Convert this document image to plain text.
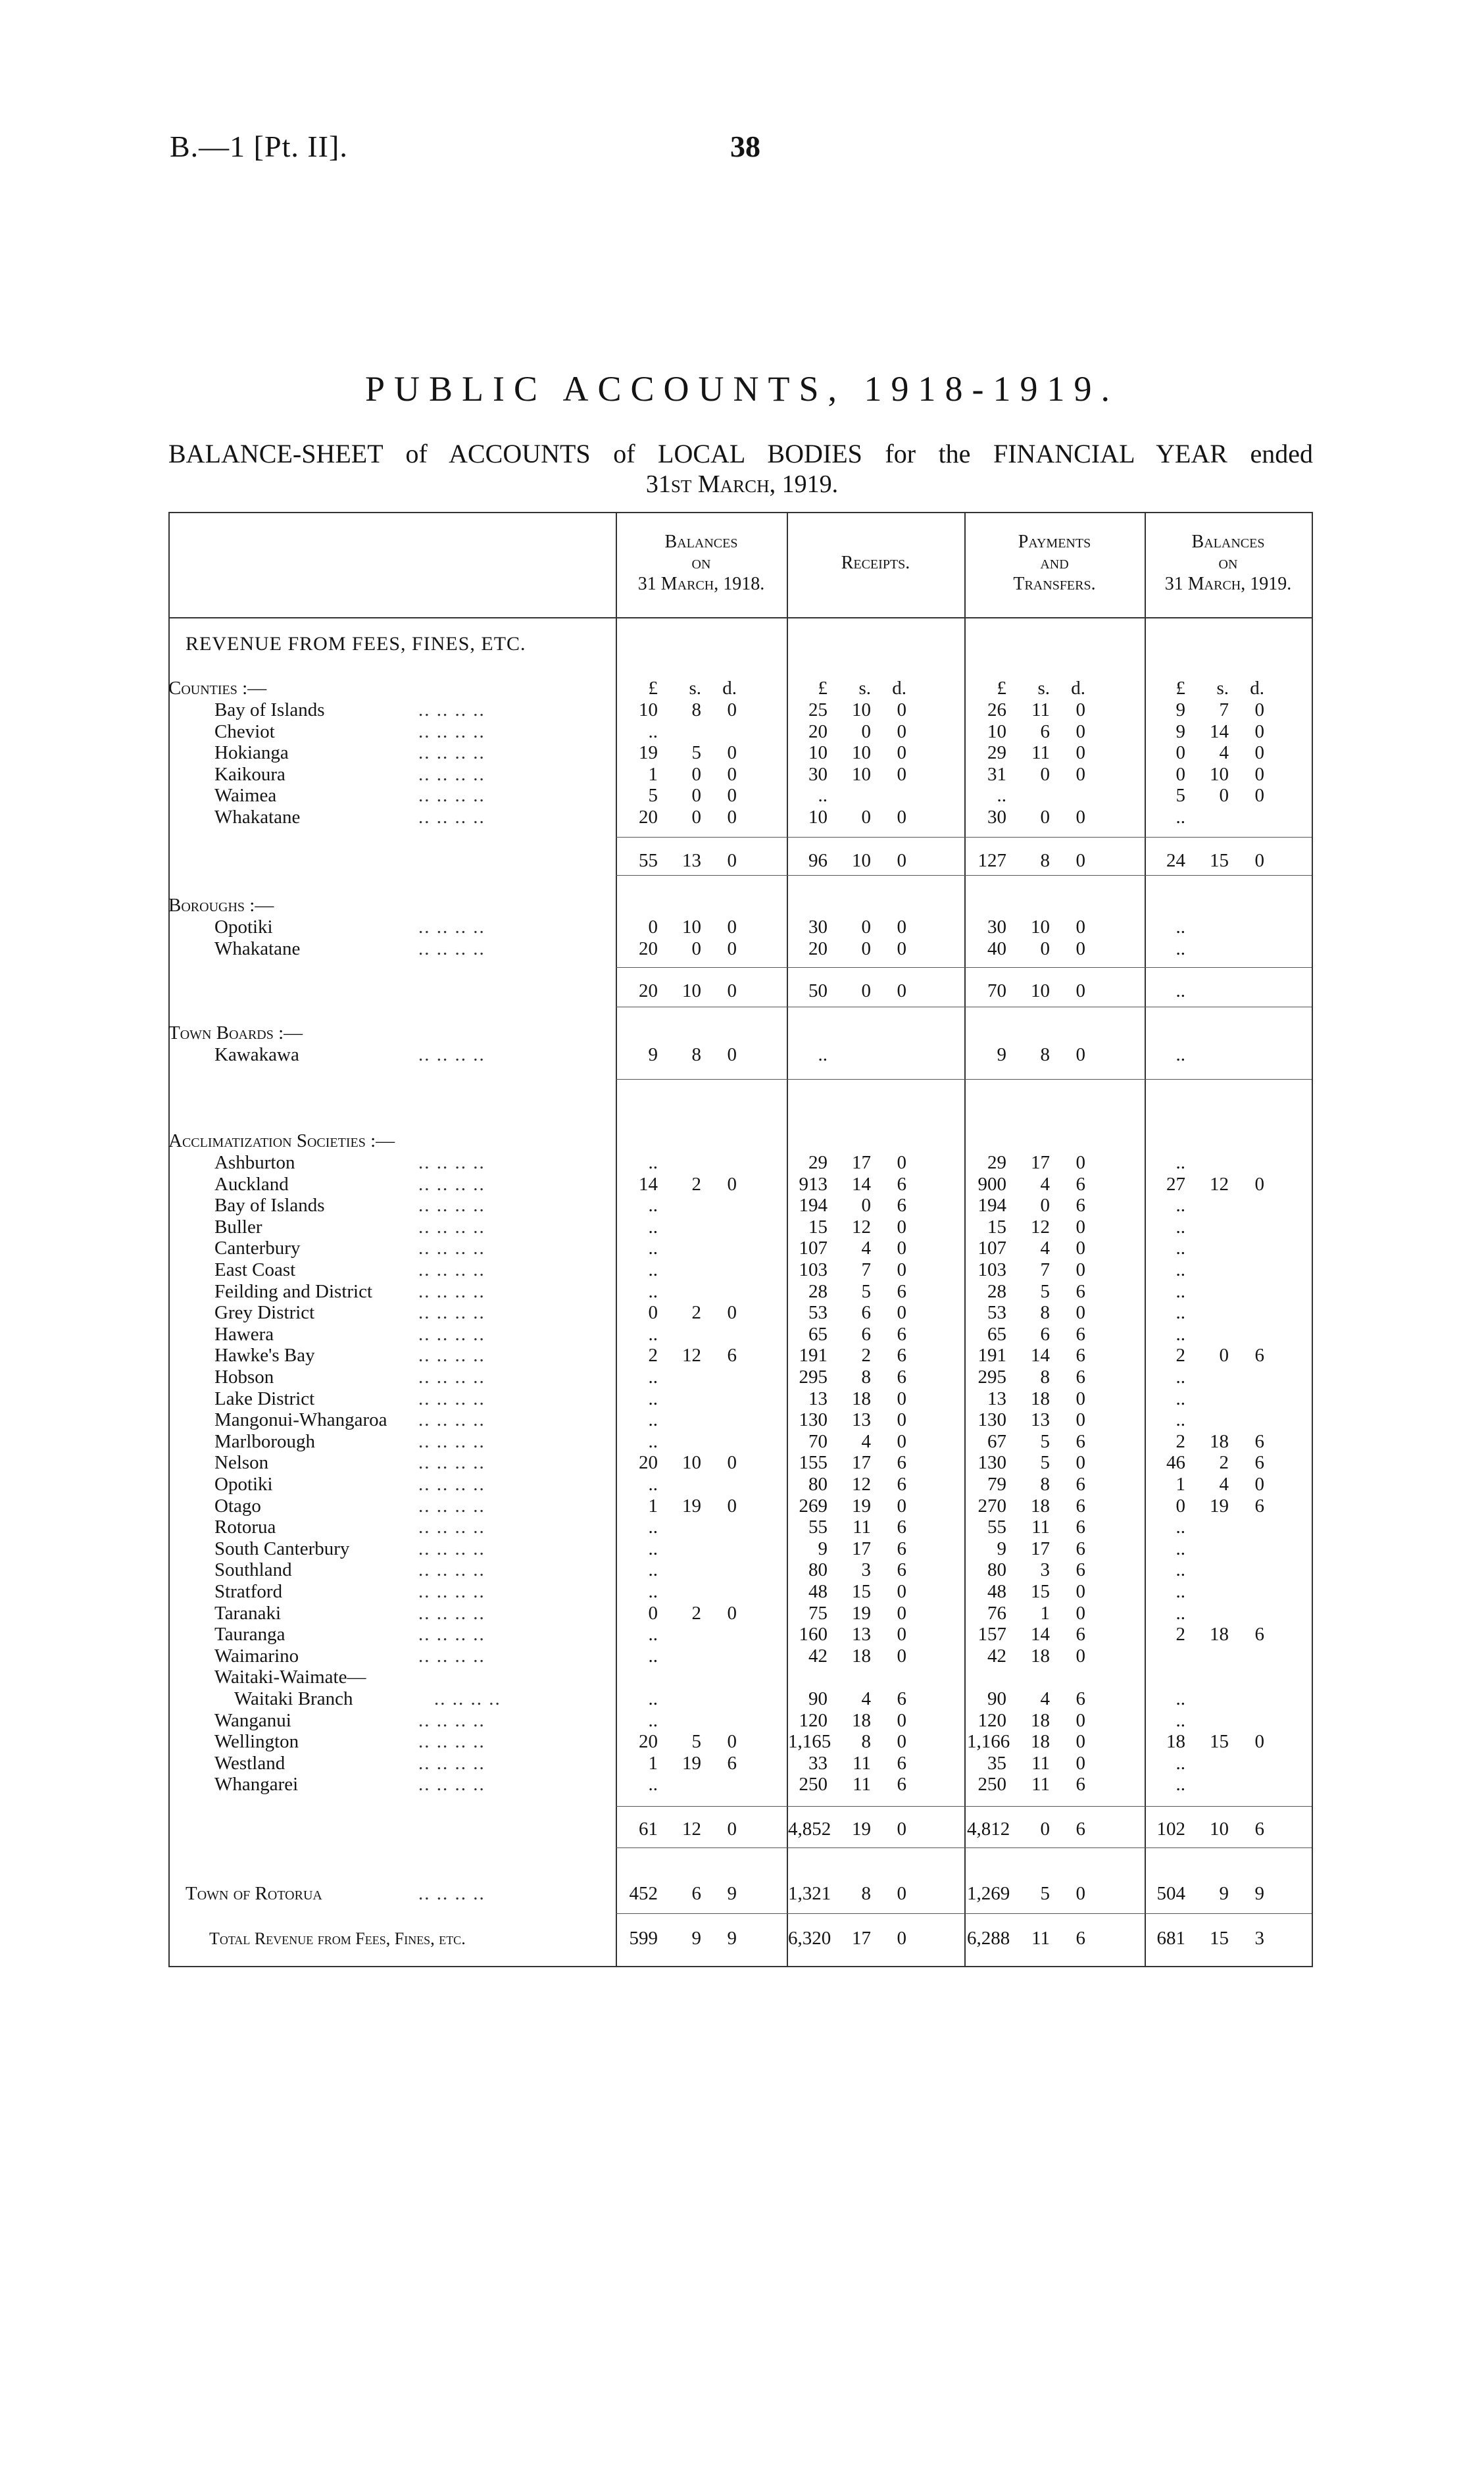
B.—1 [Pt. II].	38
PUBLIC ACCOUNTS, 1918-1919.
BALANCE-SHEET of ACCOUNTS of LOCAL BODIES for the FINANCIAL YEAR ended
31st March, 1919.
Balances
on
31 March, 1918.
Receipts.
Payments
and
Transfers.
Balances
on
31 March, 1919.
REVENUE FROM FEES, FINES, ETC.
£	s.	d.	£	s.	d.	£	s.	d.	£	s.	d.
Counties :—
Bay of Islands	.. .. .. ..	10	8	0	25	10	0	26	11	0	9	7	0
Cheviot	.. .. .. ..	..	20	0	0	10	6	0	9	14	0
Hokianga	.. .. .. ..	19	5	0	10	10	0	29	11	0	0	4	0
Kaikoura	.. .. .. ..	1	0	0	30	10	0	31	0	0	0	10	0
Waimea	.. .. .. ..	5	0	0	..	..	5	0	0
Whakatane	.. .. .. ..	20	0	0	10	0	0	30	0	0	..
55	13	0	96	10	0	127	8	0	24	15	0
Boroughs :—
Opotiki	.. .. .. ..	0	10	0	30	0	0	30	10	0	..
Whakatane	.. .. .. ..	20	0	0	20	0	0	40	0	0	..
20	10	0	50	0	0	70	10	0	..
Town Boards :—
Kawakawa	.. .. .. ..	9	8	0	..	9	8	0	..
Acclimatization Societies :—
Ashburton	.. .. .. ..	..	29	17	0	29	17	0	..
Auckland	.. .. .. ..	14	2	0	913	14	6	900	4	6	27	12	0
Bay of Islands	.. .. .. ..	..	194	0	6	194	0	6	..
Buller	.. .. .. ..	..	15	12	0	15	12	0	..
Canterbury	.. .. .. ..	..	107	4	0	107	4	0	..
East Coast	.. .. .. ..	..	103	7	0	103	7	0	..
Feilding and District .. .. .. ..	..	28	5	6	28	5	6	..
Grey District	.. .. .. ..	0	2	0	53	6	0	53	8	0	..
Hawera	.. .. .. ..	..	65	6	6	65	6	6	..
Hawke's Bay	.. .. .. ..	2	12	6	191	2	6	191	14	6	2	0	6
Hobson	.. .. .. ..	..	295	8	6	295	8	6	..
Lake District	.. .. .. ..	..	13	18	0	13	18	0	..
Mangonui-Whangaroa .. .. .. ..	..	130	13	0	130	13	0	..
Marlborough	.. .. .. ..	..	70	4	0	67	5	6	2	18	6
Nelson	.. .. .. ..	20	10	0	155	17	6	130	5	0	46	2	6
Opotiki	.. .. .. ..	..	80	12	6	79	8	6	1	4	0
Otago	.. .. .. ..	1	19	0	269	19	0	270	18	6	0	19	6
Rotorua	.. .. .. ..	..	55	11	6	55	11	6	..
South Canterbury	.. .. .. ..	..	9	17	6	9	17	6	..
Southland	.. .. .. ..	..	80	3	6	80	3	6	..
Stratford	.. .. .. ..	..	48	15	0	48	15	0	..
Taranaki	.. .. .. ..	0	2	0	75	19	0	76	1	0	..
Tauranga	.. .. .. ..	..	160	13	0	157	14	6	2	18	6
Waimarino	.. .. .. ..	..	42	18	0	42	18	0
Waitaki-Waimate—
Waitaki Branch	.. .. .. ..	..	90	4	6	90	4	6	..
Wanganui	.. .. .. ..	..	120	18	0	120	18	0	..
Wellington	.. .. .. ..	20	5	0	1,165	8	0	1,166	18	0	18	15	0
Westland	.. .. .. ..	1	19	6	33	11	6	35	11	0	..
Whangarei	.. .. .. ..	..	250	11	6	250	11	6	..
61	12	0	4,852	19	0	4,812	0	6	102	10	6
Town of Rotorua	.. .. .. ..	452	6	9	1,321	8	0	1,269	5	0	504	9	9
Total Revenue from Fees, Fines, etc.	599	9	9	6,320	17	0	6,288	11	6	681	15	3
